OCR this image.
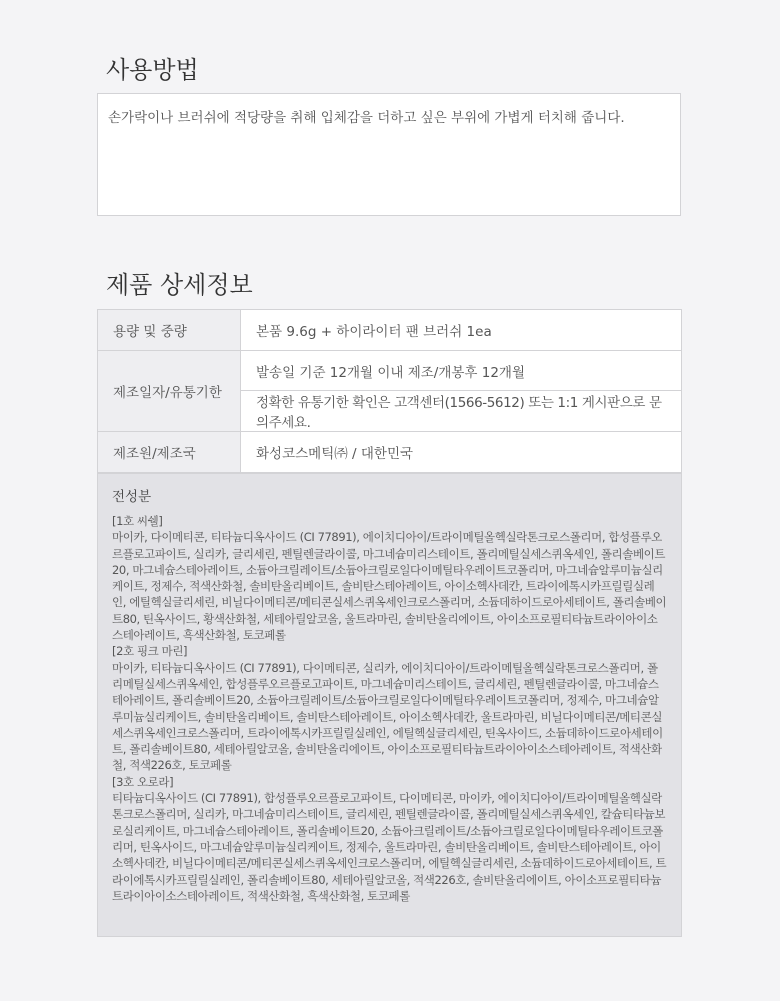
사용방법
손가락이나 브러쉬에 적당량을 취해 입체감을 더하고 싶은 부위에 가볍게 터치해 줍니다.
제품 상세정보
용량 및 중량	본품 9.6g + 하이라이터 팬 브러쉬 1ea
제조일자/유통기한	발송일 기준 12개월 이내 제조/개봉후 12개월
	정확한 유통기한 확인은 고객센터(1566-5612) 또는 1:1 게시판으로 문의주세요.
제조원/제조국	화성코스메틱㈜ / 대한민국

전성분

[1호 씨쉘]
마이카, 다이메티콘, 티타늄디옥사이드 (CI 77891), 에이치디아이/트라이메틸올헥실락톤크로스폴리머, 합성플루오르플로고파이트, 실리카, 글리세린, 펜틸렌글라이콜, 마그네슘미리스테이트, 폴리메틸실세스퀴옥세인, 폴리솔베이트20, 마그네슘스테아레이트, 소듐아크릴레이트/소듐아크릴로일다이메틸타우레이트코폴리머, 마그네슘알루미늄실리케이트, 정제수, 적색산화철, 솔비탄올리베이트, 솔비탄스테아레이트, 아이소헥사데칸, 트라이에톡시카프릴릴실레인, 에틸헥실글리세린, 비닐다이메티콘/메티콘실세스퀴옥세인크로스폴리머, 소듐데하이드로아세테이트, 폴리솔베이트80, 틴옥사이드, 황색산화철, 세테아릴알코올, 울트라마린, 솔비탄올리에이트, 아이소프로필티타늄트라이아이소스테아레이트, 흑색산화철, 토코페롤
[2호 핑크 마린]
마이카, 티타늄디옥사이드 (CI 77891), 다이메티콘, 실리카, 에이치디아이/트라이메틸올헥실락톤크로스폴리머, 폴리메틸실세스퀴옥세인, 합성플루오르플로고파이트, 마그네슘미리스테이트, 글리세린, 펜틸렌글라이콜, 마그네슘스테아레이트, 폴리솔베이트20, 소듐아크릴레이트/소듐아크릴로일다이메틸타우레이트코폴리머, 정제수, 마그네슘알루미늄실리케이트, 솔비탄올리베이트, 솔비탄스테아레이트, 아이소헥사데칸, 울트라마린, 비닐다이메티콘/메티콘실세스퀴옥세인크로스폴리머, 트라이에톡시카프릴릴실레인, 에틸헥실글리세린, 틴옥사이드, 소듐데하이드로아세테이트, 폴리솔베이트80, 세테아릴알코올, 솔비탄올리에이트, 아이소프로필티타늄트라이아이소스테아레이트, 적색산화철, 적색226호, 토코페롤
[3호 오로라]
티타늄디옥사이드 (CI 77891), 합성플루오르플로고파이트, 다이메티콘, 마이카, 에이치디아이/트라이메틸올헥실락톤크로스폴리머, 실리카, 마그네슘미리스테이트, 글리세린, 펜틸렌글라이콜, 폴리메틸실세스퀴옥세인, 칼슘티타늄보로실리케이트, 마그네슘스테아레이트, 폴리솔베이트20, 소듐아크릴레이트/소듐아크릴로일다이메틸타우레이트코폴리머, 틴옥사이드, 마그네슘알루미늄실리케이트, 정제수, 울트라마린, 솔비탄올리베이트, 솔비탄스테아레이트, 아이소헥사데칸, 비닐다이메티콘/메티콘실세스퀴옥세인크로스폴리머, 에틸헥실글리세린, 소듐데하이드로아세테이트, 트라이에톡시카프릴릴실레인, 폴리솔베이트80, 세테아릴알코올, 적색226호, 솔비탄올리에이트, 아이소프로필티타늄트라이아이소스테아레이트, 적색산화철, 흑색산화철, 토코페롤
